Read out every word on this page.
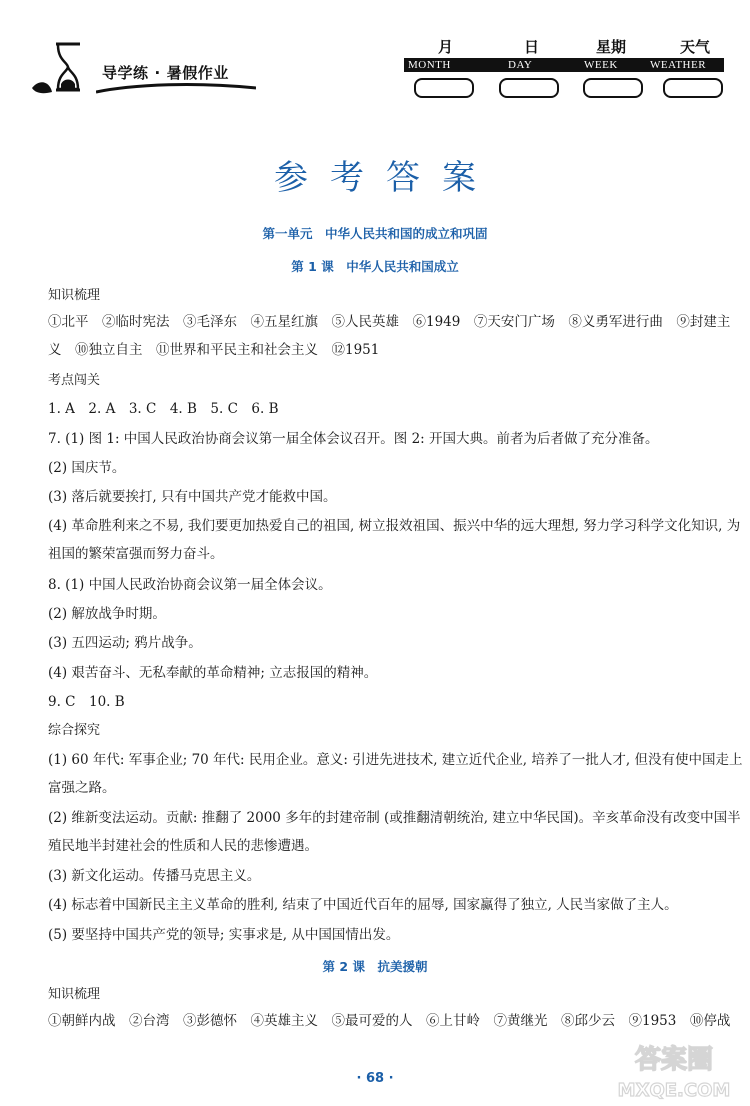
导学练 · 暑假作业
月	日	星期	天气
MONTH	DAY	WEEK	WEATHER
参考答案
第一单元　中华人民共和国的成立和巩固
第 1 课　中华人民共和国成立
知识梳理
①北平　②临时宪法　③毛泽东　④五星红旗　⑤人民英雄　⑥1949　⑦天安门广场　⑧义勇军进行曲　⑨封建主
义　⑩独立自主　⑪世界和平民主和社会主义　⑫1951
考点闯关
1. A　2. A　3. C　4. B　5. C　6. B
7. (1) 图 1: 中国人民政治协商会议第一届全体会议召开。图 2: 开国大典。前者为后者做了充分准备。
(2) 国庆节。
(3) 落后就要挨打, 只有中国共产党才能救中国。
(4) 革命胜利来之不易, 我们要更加热爱自己的祖国, 树立报效祖国、振兴中华的远大理想, 努力学习科学文化知识, 为
祖国的繁荣富强而努力奋斗。
8. (1) 中国人民政治协商会议第一届全体会议。
(2) 解放战争时期。
(3) 五四运动; 鸦片战争。
(4) 艰苦奋斗、无私奉献的革命精神; 立志报国的精神。
9. C　10. B
综合探究
(1) 60 年代: 军事企业; 70 年代: 民用企业。意义: 引进先进技术, 建立近代企业, 培养了一批人才, 但没有使中国走上
富强之路。
(2) 维新变法运动。贡献: 推翻了 2000 多年的封建帝制 (或推翻清朝统治, 建立中华民国)。辛亥革命没有改变中国半
殖民地半封建社会的性质和人民的悲惨遭遇。
(3) 新文化运动。传播马克思主义。
(4) 标志着中国新民主主义革命的胜利, 结束了中国近代百年的屈辱, 国家赢得了独立, 人民当家做了主人。
(5) 要坚持中国共产党的领导; 实事求是, 从中国国情出发。
第 2 课　抗美援朝
知识梳理
①朝鲜内战　②台湾　③彭德怀　④英雄主义　⑤最可爱的人　⑥上甘岭　⑦黄继光　⑧邱少云　⑨1953　⑩停战
· 68 ·
答案圈
MXQE.COM
